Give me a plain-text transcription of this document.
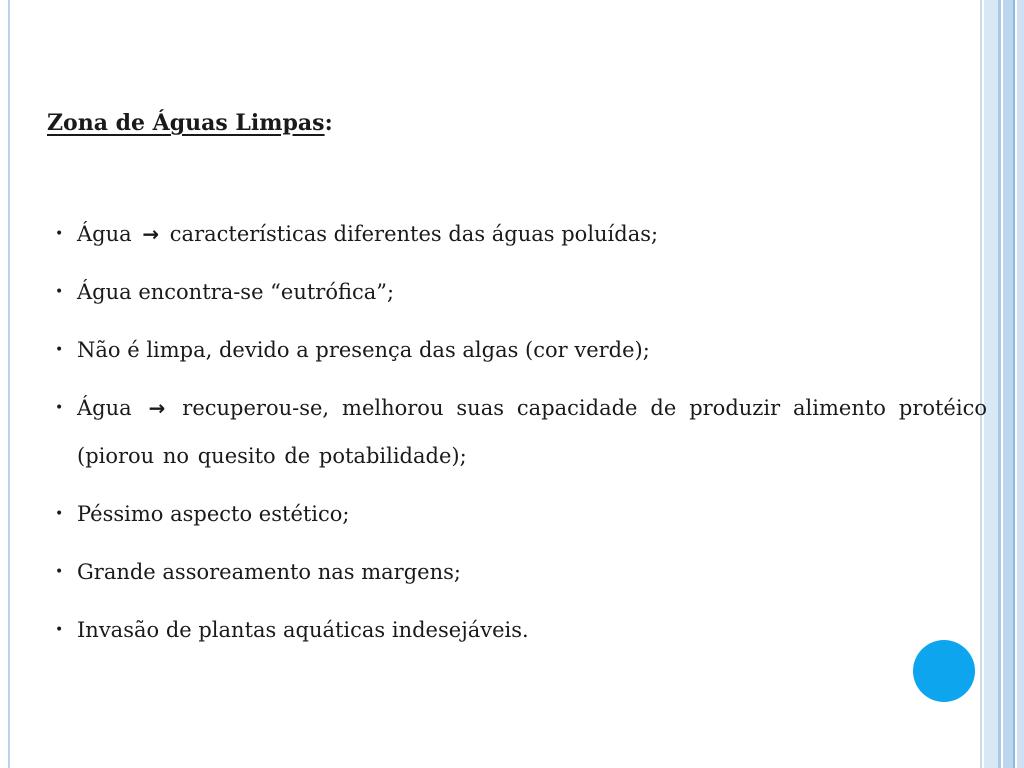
Zona de Águas Limpas:
• Água → características diferentes das águas poluídas;
• Água encontra-se “eutrófica”;
• Não é limpa, devido a presença das algas (cor verde);
• Água → recuperou-se, melhorou suas capacidade de produzir alimento protéico (piorou no quesito de potabilidade);
• Péssimo aspecto estético;
• Grande assoreamento nas margens;
• Invasão de plantas aquáticas indesejáveis.
